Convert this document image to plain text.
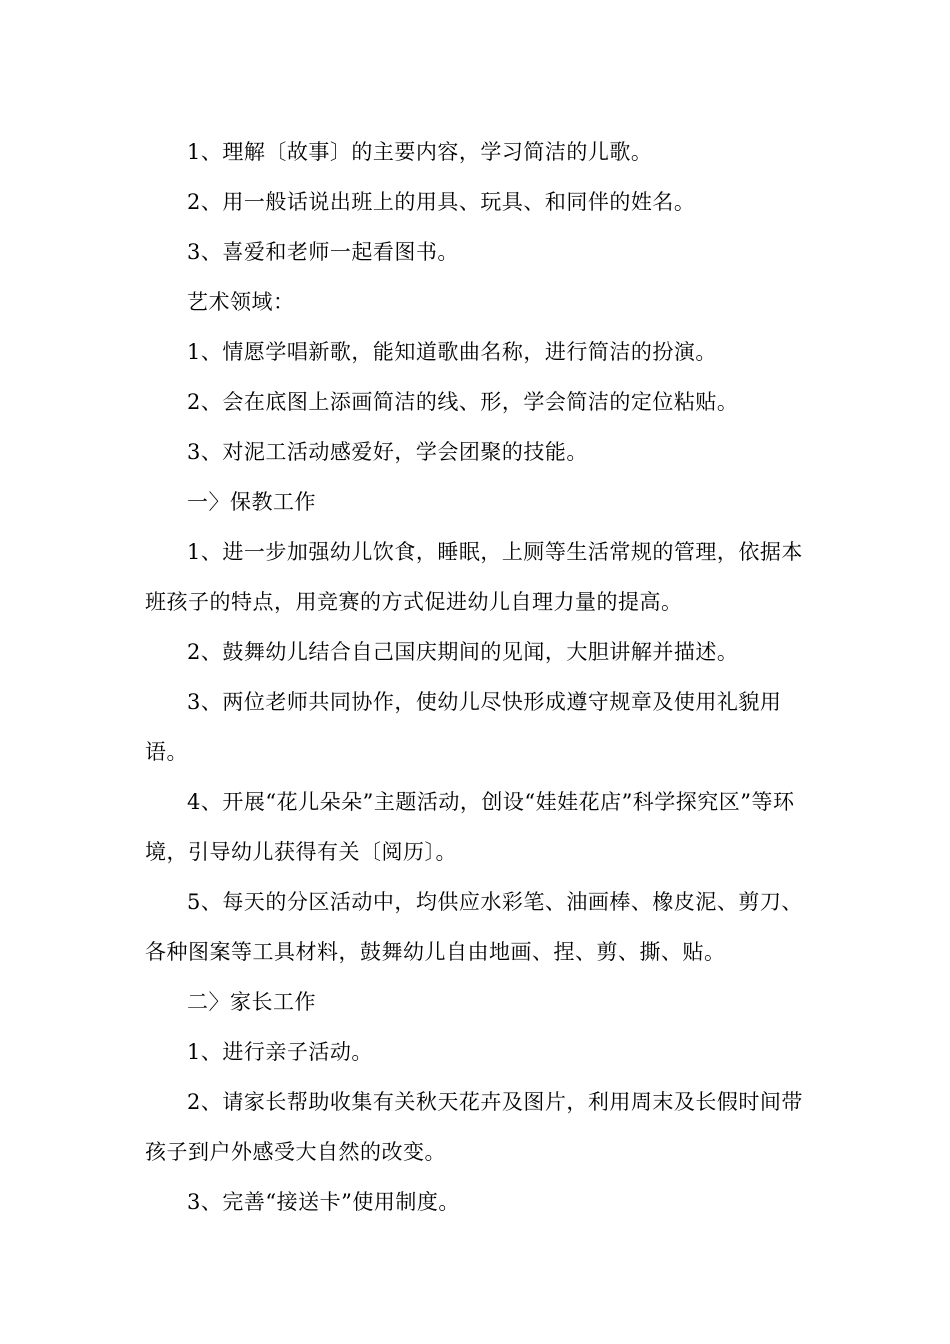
1、理解〔故事〕的主要内容，学习简洁的儿歌。

2、用一般话说出班上的用具、玩具、和同伴的姓名。

3、喜爱和老师一起看图书。

艺术领域：

1、情愿学唱新歌，能知道歌曲名称，进行简洁的扮演。

2、会在底图上添画简洁的线、形，学会简洁的定位粘贴。

3、对泥工活动感爱好，学会团聚的技能。

一〉保教工作

1、进一步加强幼儿饮食，睡眠，上厕等生活常规的管理，依据本班孩子的特点，用竞赛的方式促进幼儿自理力量的提高。

2、鼓舞幼儿结合自己国庆期间的见闻，大胆讲解并描述。

3、两位老师共同协作，使幼儿尽快形成遵守规章及使用礼貌用语。

4、开展“花儿朵朵”主题活动，创设“娃娃花店”科学探究区”等环境，引导幼儿获得有关〔阅历〕。

5、每天的分区活动中，均供应水彩笔、油画棒、橡皮泥、剪刀、各种图案等工具材料，鼓舞幼儿自由地画、捏、剪、撕、贴。

二〉家长工作

1、进行亲子活动。

2、请家长帮助收集有关秋天花卉及图片，利用周末及长假时间带孩子到户外感受大自然的改变。

3、完善“接送卡”使用制度。
